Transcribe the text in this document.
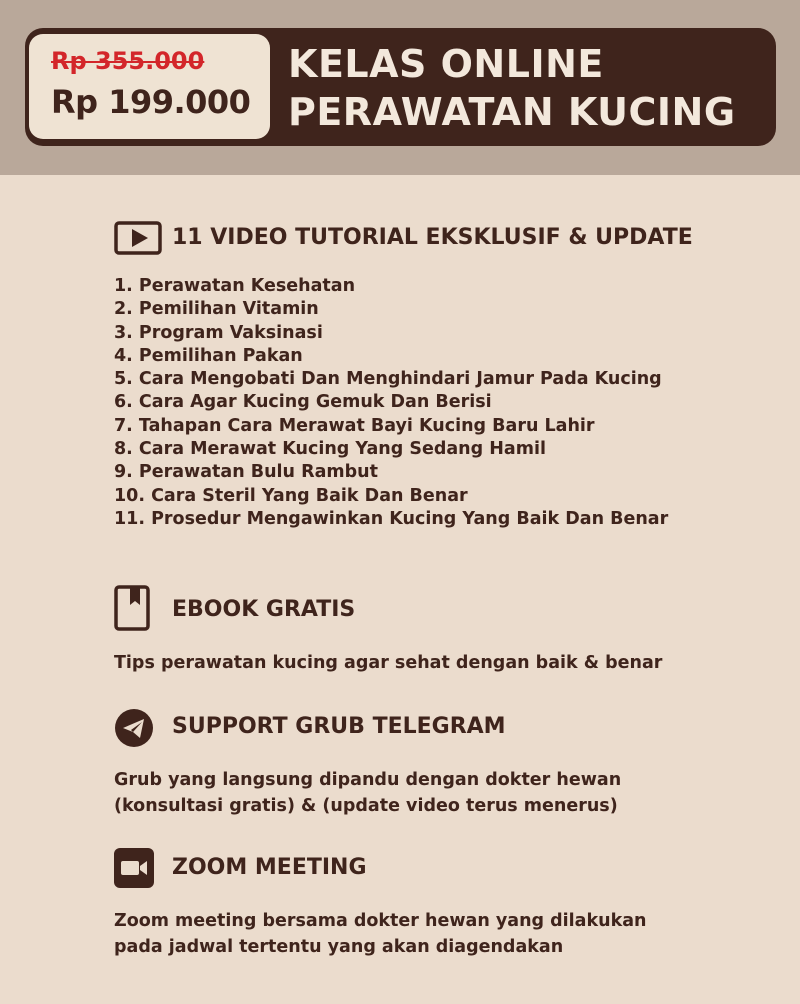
Rp 355.000
Rp 199.000
KELAS ONLINE
PERAWATAN KUCING
11 VIDEO TUTORIAL EKSKLUSIF & UPDATE
1. Perawatan Kesehatan
2. Pemilihan Vitamin
3. Program Vaksinasi
4. Pemilihan Pakan
5. Cara Mengobati Dan Menghindari Jamur Pada Kucing
6. Cara Agar Kucing Gemuk Dan Berisi
7. Tahapan Cara Merawat Bayi Kucing Baru Lahir
8. Cara Merawat Kucing Yang Sedang Hamil
9. Perawatan Bulu Rambut
10. Cara Steril Yang Baik Dan Benar
11. Prosedur Mengawinkan Kucing Yang Baik Dan Benar
EBOOK GRATIS
Tips perawatan kucing agar sehat dengan baik & benar
SUPPORT GRUB TELEGRAM
Grub yang langsung dipandu dengan dokter hewan
(konsultasi gratis) & (update video terus menerus)
ZOOM MEETING
Zoom meeting bersama dokter hewan yang dilakukan
pada jadwal tertentu yang akan diagendakan
